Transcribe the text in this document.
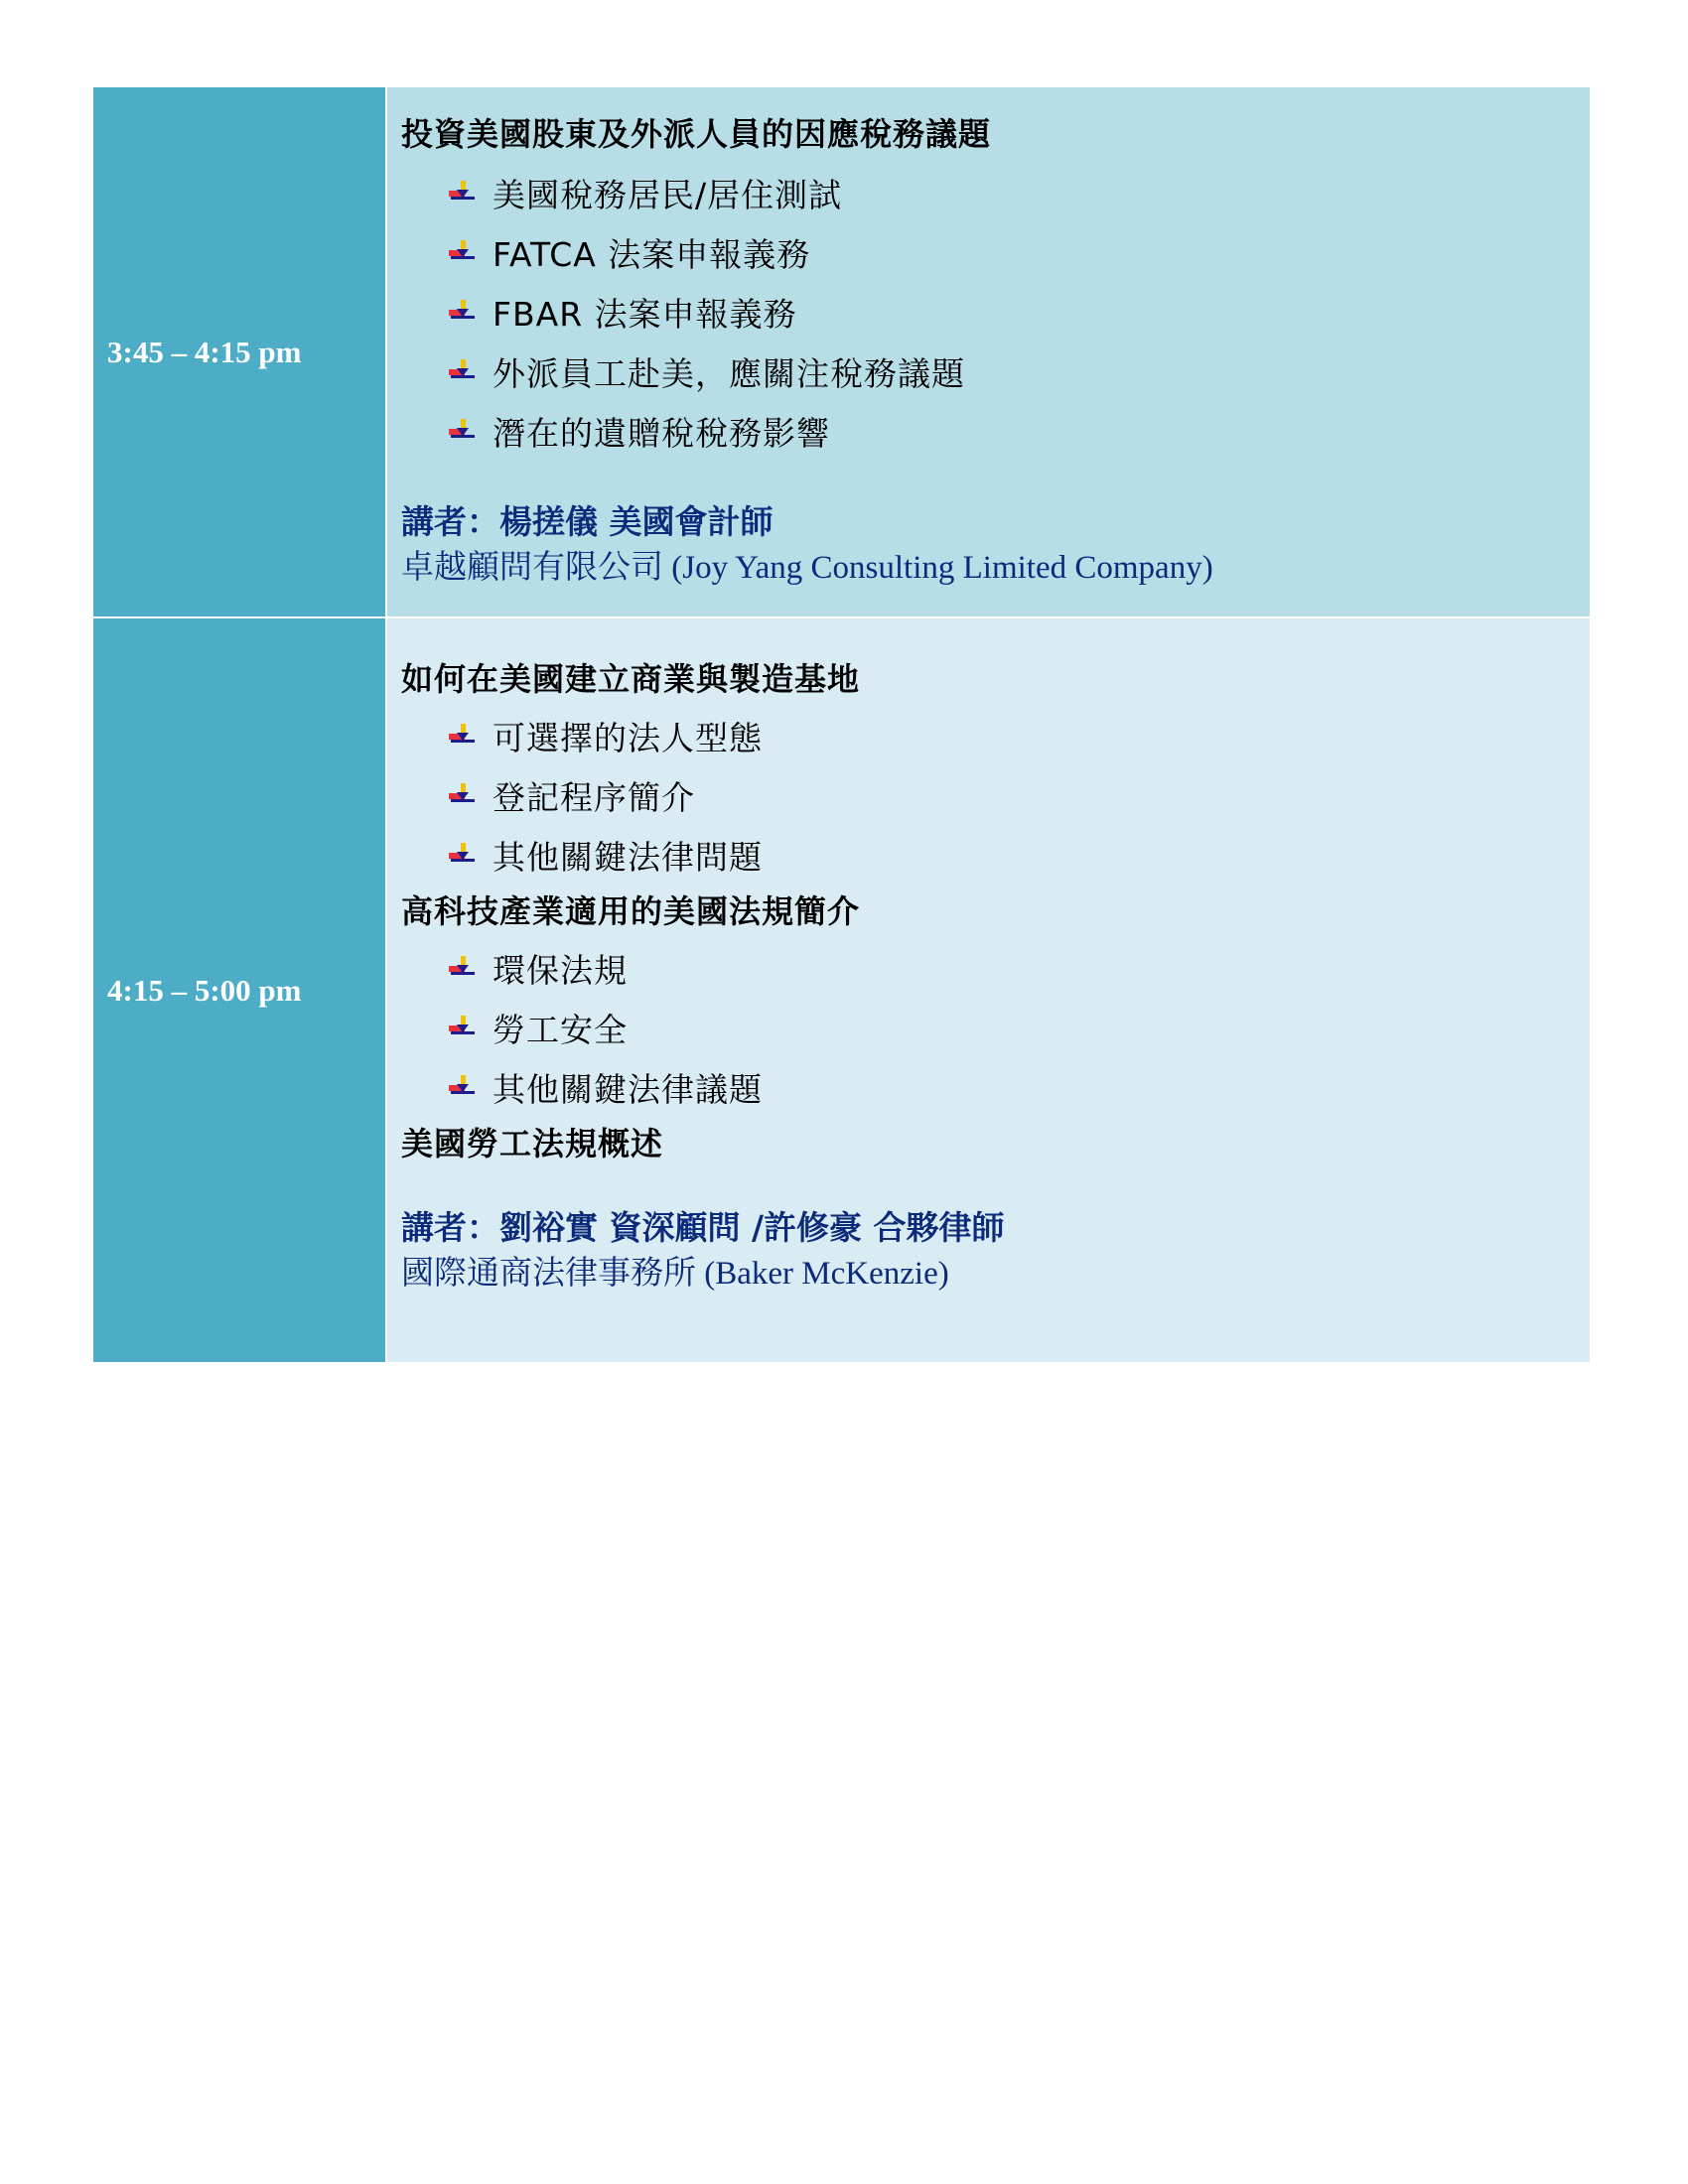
3:45 – 4:15 pm
投資美國股東及外派人員的因應稅務議題
美國稅務居民/居住測試
FATCA 法案申報義務
FBAR 法案申報義務
外派員工赴美，應關注稅務議題
潛在的遺贈稅稅務影響
講者：楊搓儀 美國會計師
卓越顧問有限公司 (Joy Yang Consulting Limited Company)
4:15 – 5:00 pm
如何在美國建立商業與製造基地
可選擇的法人型態
登記程序簡介
其他關鍵法律問題
高科技產業適用的美國法規簡介
環保法規
勞工安全
其他關鍵法律議題
美國勞工法規概述
講者：劉裕實 資深顧問 /許修豪 合夥律師
國際通商法律事務所 (Baker McKenzie)
